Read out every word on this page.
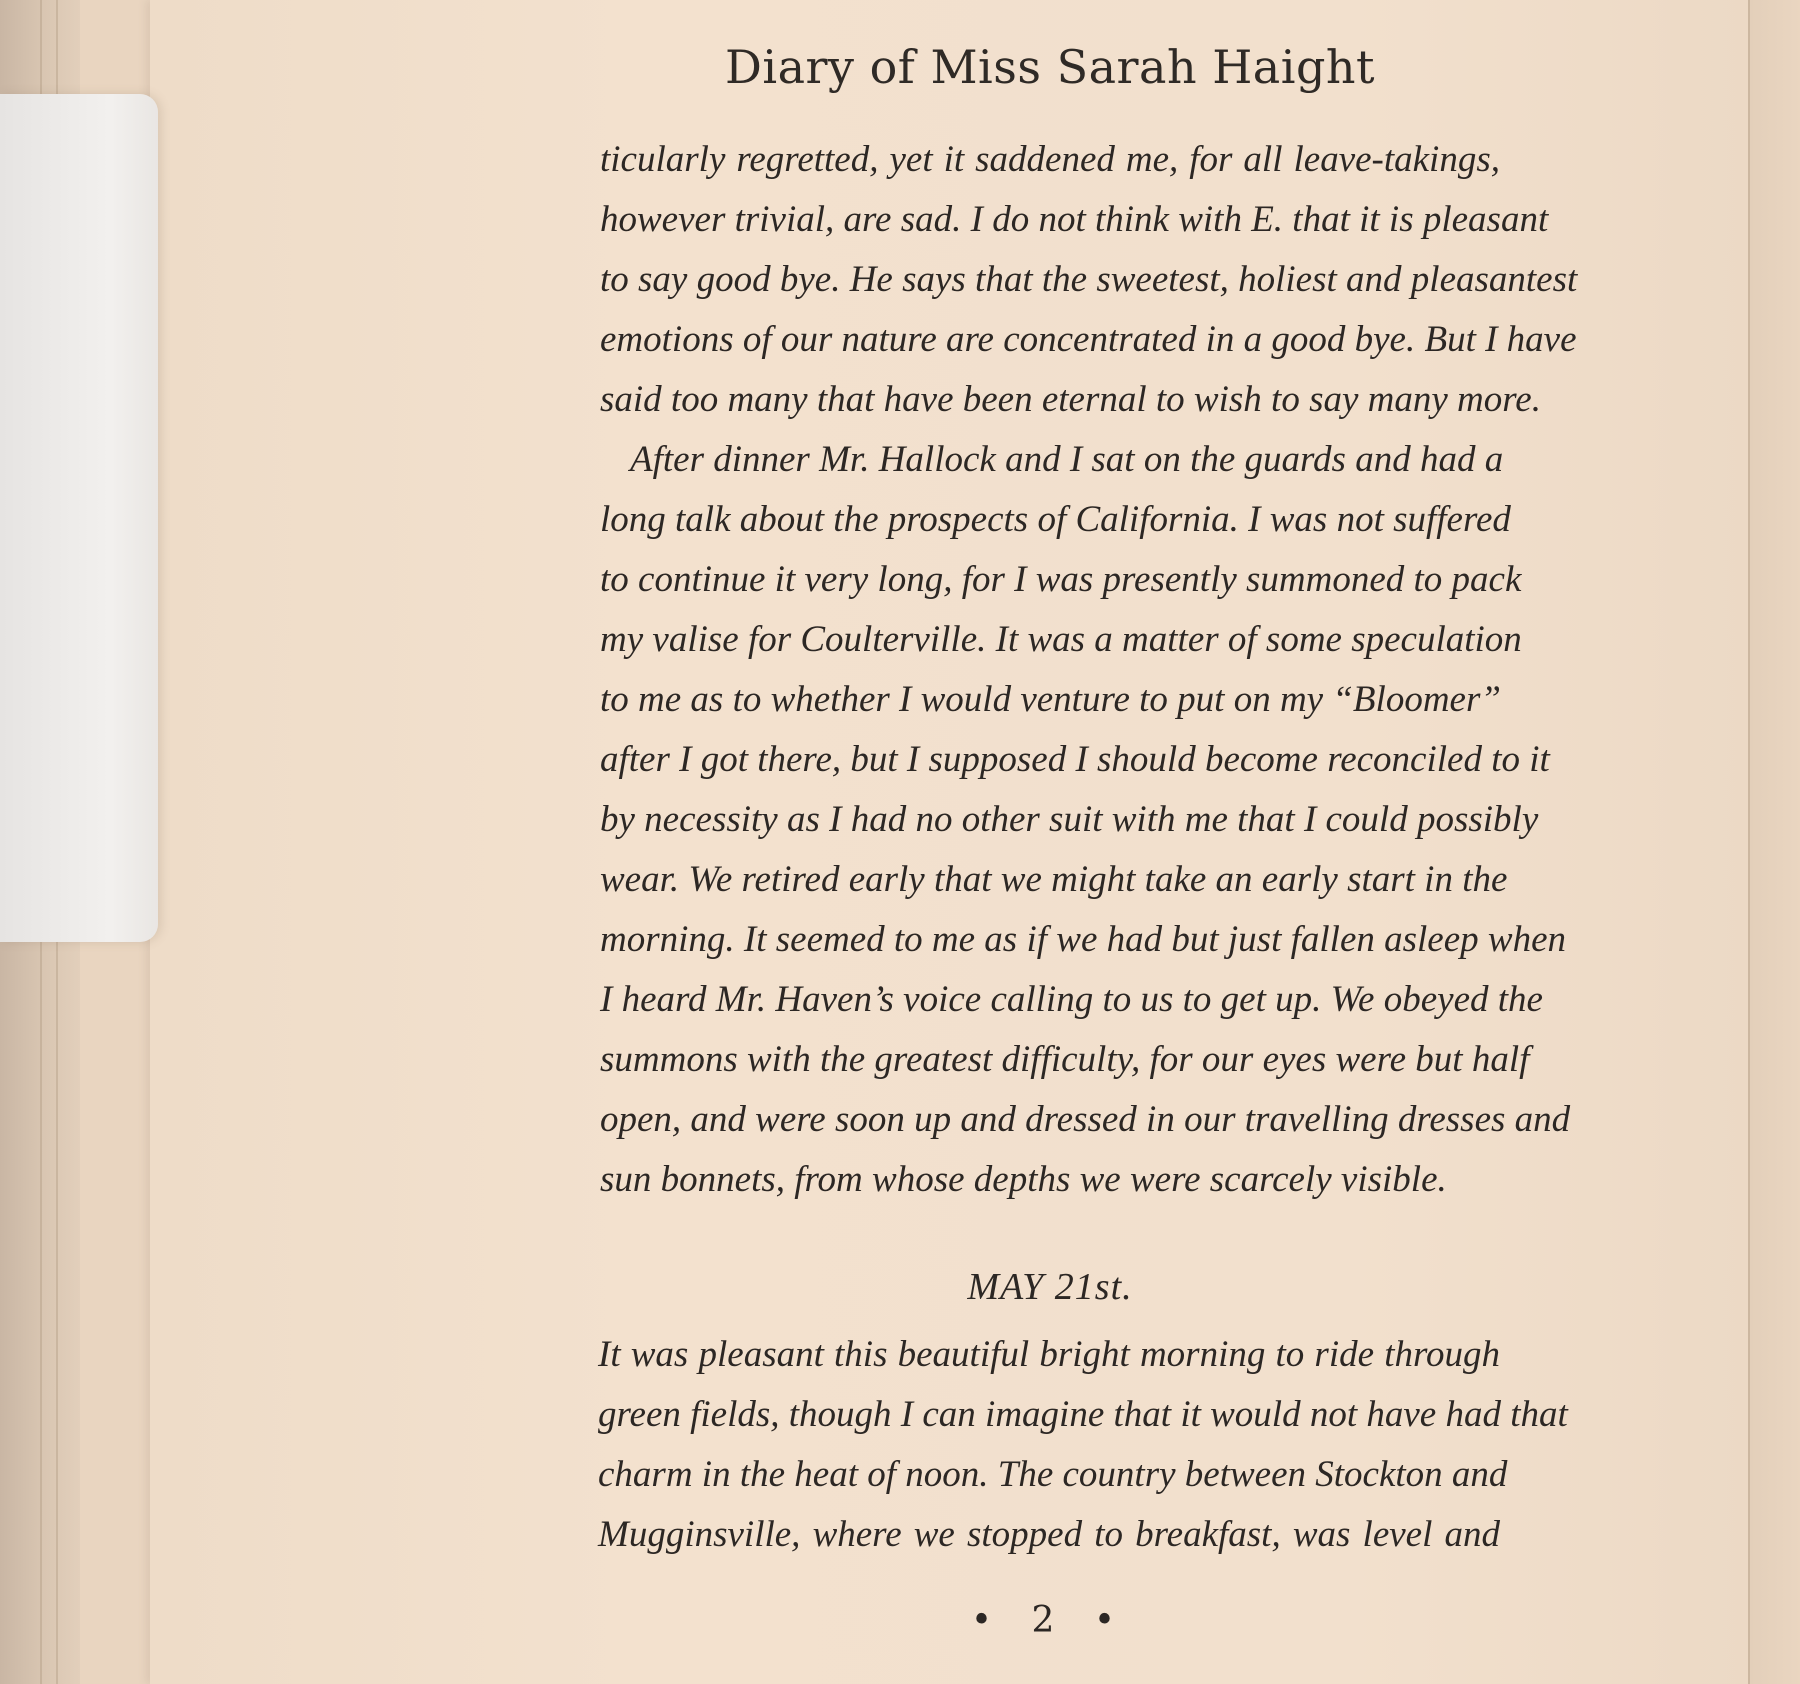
Diary of Miss Sarah Haight
ticularly regretted, yet it saddened me, for all leave-takings,
however trivial, are sad. I do not think with E. that it is pleasant
to say good bye. He says that the sweetest, holiest and pleasantest
emotions of our nature are concentrated in a good bye. But I have
said too many that have been eternal to wish to say many more.
After dinner Mr. Hallock and I sat on the guards and had a
long talk about the prospects of California. I was not suffered
to continue it very long, for I was presently summoned to pack
my valise for Coulterville. It was a matter of some speculation
to me as to whether I would venture to put on my “Bloomer”
after I got there, but I supposed I should become reconciled to it
by necessity as I had no other suit with me that I could possibly
wear. We retired early that we might take an early start in the
morning. It seemed to me as if we had but just fallen asleep when
I heard Mr. Haven’s voice calling to us to get up. We obeyed the
summons with the greatest difficulty, for our eyes were but half
open, and were soon up and dressed in our travelling dresses and
sun bonnets, from whose depths we were scarcely visible.
MAY 21st.
It was pleasant this beautiful bright morning to ride through
green fields, though I can imagine that it would not have had that
charm in the heat of noon. The country between Stockton and
Mugginsville, where we stopped to breakfast, was level and
• 2 •
